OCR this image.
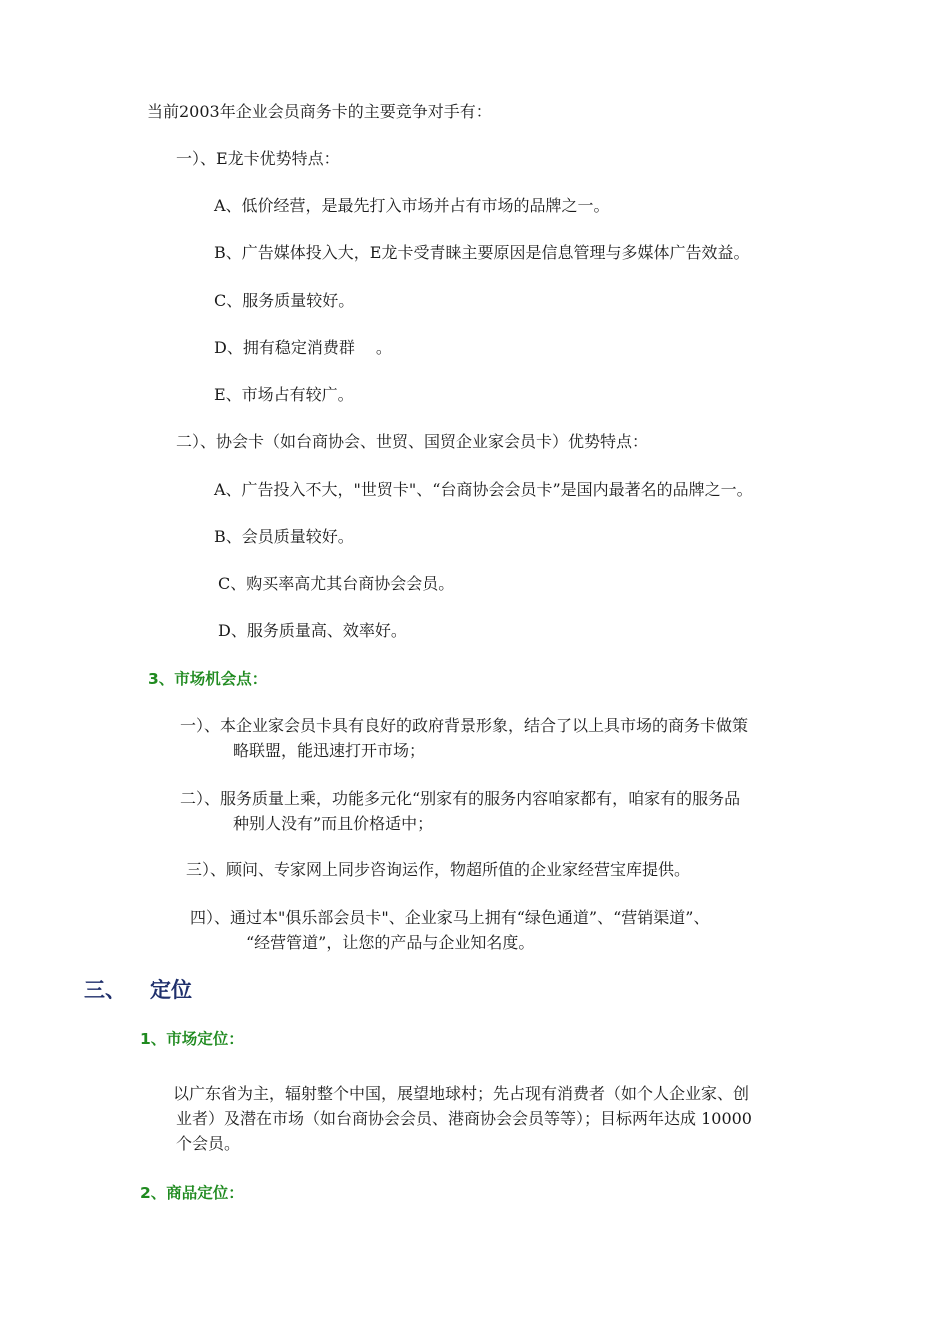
当前2003年企业会员商务卡的主要竞争对手有：
一）、E龙卡优势特点：
A、低价经营，是最先打入市场并占有市场的品牌之一。
B、广告媒体投入大，E龙卡受青睐主要原因是信息管理与多媒体广告效益。
C、服务质量较好。
D、拥有稳定消费群 　。
E、市场占有较广。
二）、协会卡（如台商协会、世贸、国贸企业家会员卡）优势特点：
A、广告投入不大，"世贸卡"、“台商协会会员卡”是国内最著名的品牌之一。
B、会员质量较好。
C、购买率高尤其台商协会会员。
D、服务质量高、效率好。
3、市场机会点：
一）、本企业家会员卡具有良好的政府背景形象，结合了以上具市场的商务卡做策
略联盟，能迅速打开市场；
二）、服务质量上乘，功能多元化“别家有的服务内容咱家都有，咱家有的服务品
种别人没有”而且价格适中；
三）、顾问、专家网上同步咨询运作，物超所值的企业家经营宝库提供。
四）、通过本"俱乐部会员卡"、企业家马上拥有“绿色通道”、“营销渠道”、
“经营管道”，让您的产品与企业知名度。
三、 定位
1、市场定位：
以广东省为主，辐射整个中国，展望地球村；先占现有消费者（如个人企业家、创
业者）及潜在市场（如台商协会会员、港商协会会员等等）；目标两年达成 10000
个会员。
2、商品定位：
